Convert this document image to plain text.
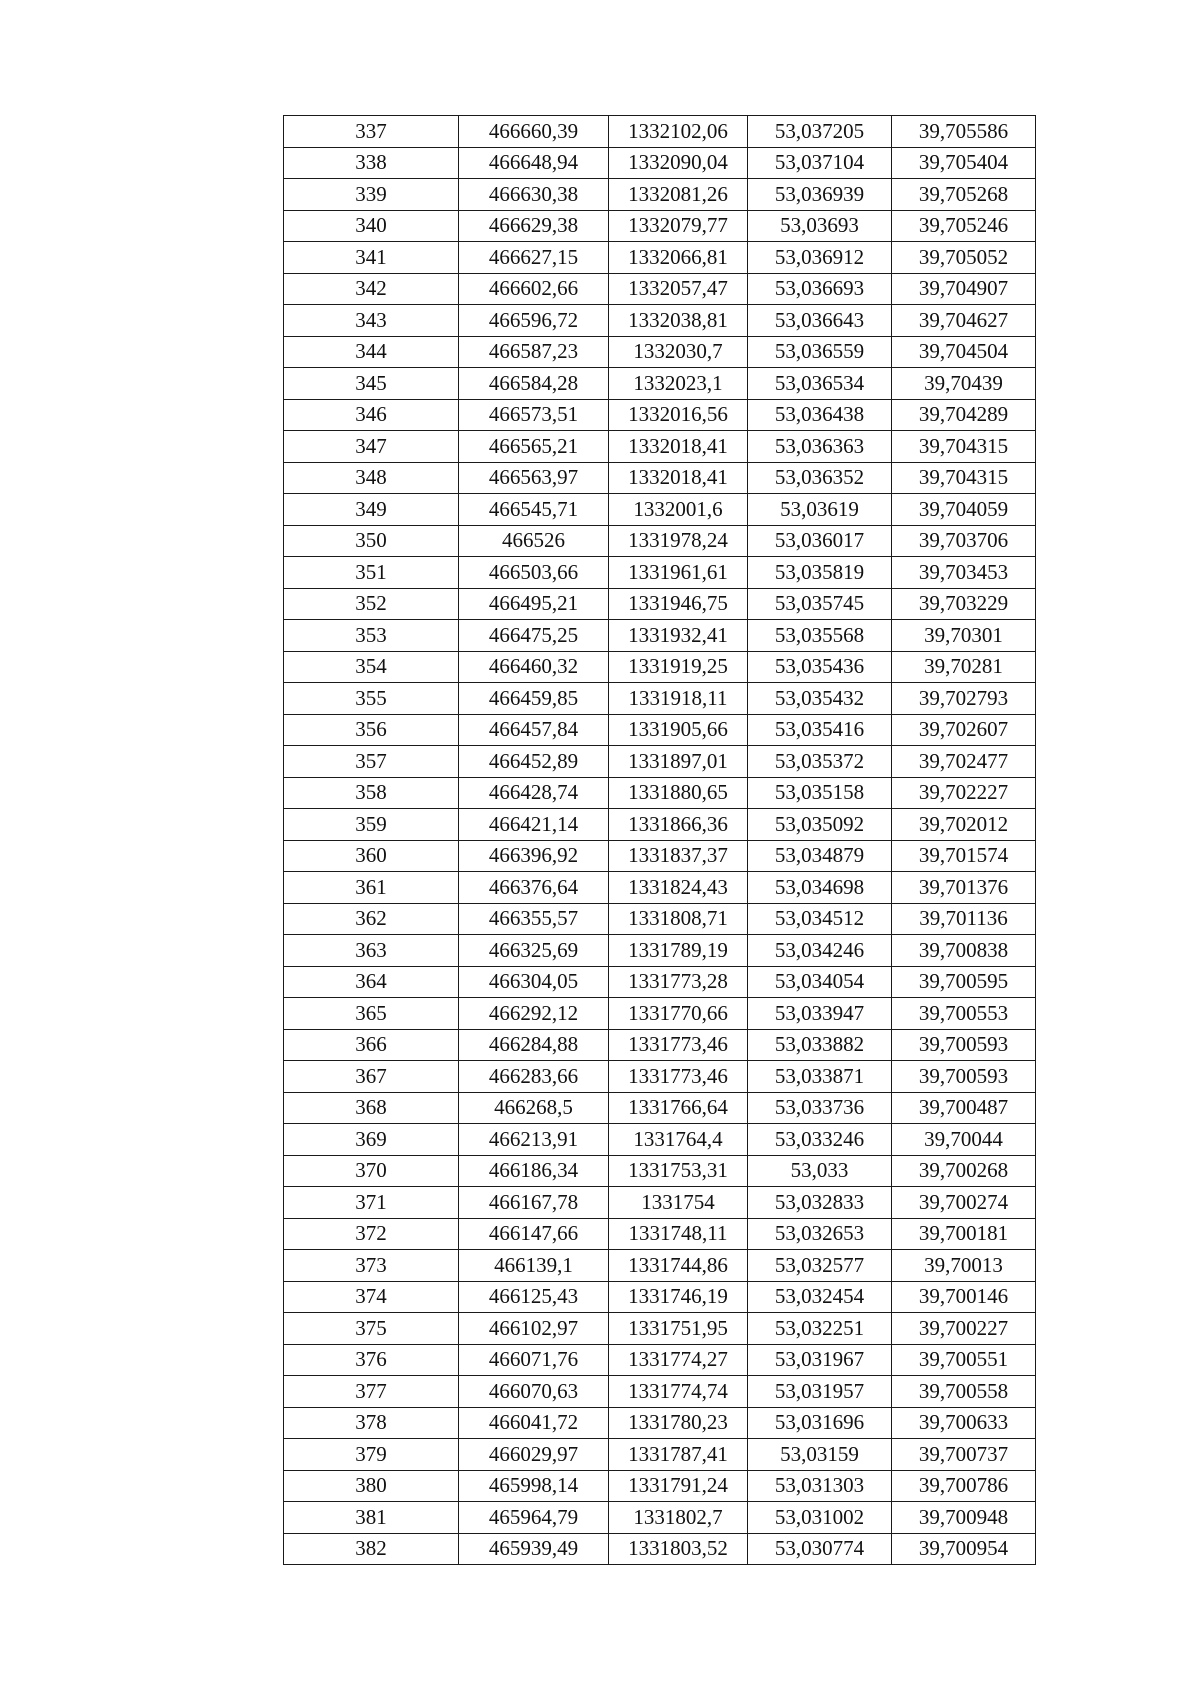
337	466660,39	1332102,06	53,037205	39,705586
338	466648,94	1332090,04	53,037104	39,705404
339	466630,38	1332081,26	53,036939	39,705268
340	466629,38	1332079,77	53,03693	39,705246
341	466627,15	1332066,81	53,036912	39,705052
342	466602,66	1332057,47	53,036693	39,704907
343	466596,72	1332038,81	53,036643	39,704627
344	466587,23	1332030,7	53,036559	39,704504
345	466584,28	1332023,1	53,036534	39,70439
346	466573,51	1332016,56	53,036438	39,704289
347	466565,21	1332018,41	53,036363	39,704315
348	466563,97	1332018,41	53,036352	39,704315
349	466545,71	1332001,6	53,03619	39,704059
350	466526	1331978,24	53,036017	39,703706
351	466503,66	1331961,61	53,035819	39,703453
352	466495,21	1331946,75	53,035745	39,703229
353	466475,25	1331932,41	53,035568	39,70301
354	466460,32	1331919,25	53,035436	39,70281
355	466459,85	1331918,11	53,035432	39,702793
356	466457,84	1331905,66	53,035416	39,702607
357	466452,89	1331897,01	53,035372	39,702477
358	466428,74	1331880,65	53,035158	39,702227
359	466421,14	1331866,36	53,035092	39,702012
360	466396,92	1331837,37	53,034879	39,701574
361	466376,64	1331824,43	53,034698	39,701376
362	466355,57	1331808,71	53,034512	39,701136
363	466325,69	1331789,19	53,034246	39,700838
364	466304,05	1331773,28	53,034054	39,700595
365	466292,12	1331770,66	53,033947	39,700553
366	466284,88	1331773,46	53,033882	39,700593
367	466283,66	1331773,46	53,033871	39,700593
368	466268,5	1331766,64	53,033736	39,700487
369	466213,91	1331764,4	53,033246	39,70044
370	466186,34	1331753,31	53,033	39,700268
371	466167,78	1331754	53,032833	39,700274
372	466147,66	1331748,11	53,032653	39,700181
373	466139,1	1331744,86	53,032577	39,70013
374	466125,43	1331746,19	53,032454	39,700146
375	466102,97	1331751,95	53,032251	39,700227
376	466071,76	1331774,27	53,031967	39,700551
377	466070,63	1331774,74	53,031957	39,700558
378	466041,72	1331780,23	53,031696	39,700633
379	466029,97	1331787,41	53,03159	39,700737
380	465998,14	1331791,24	53,031303	39,700786
381	465964,79	1331802,7	53,031002	39,700948
382	465939,49	1331803,52	53,030774	39,700954
